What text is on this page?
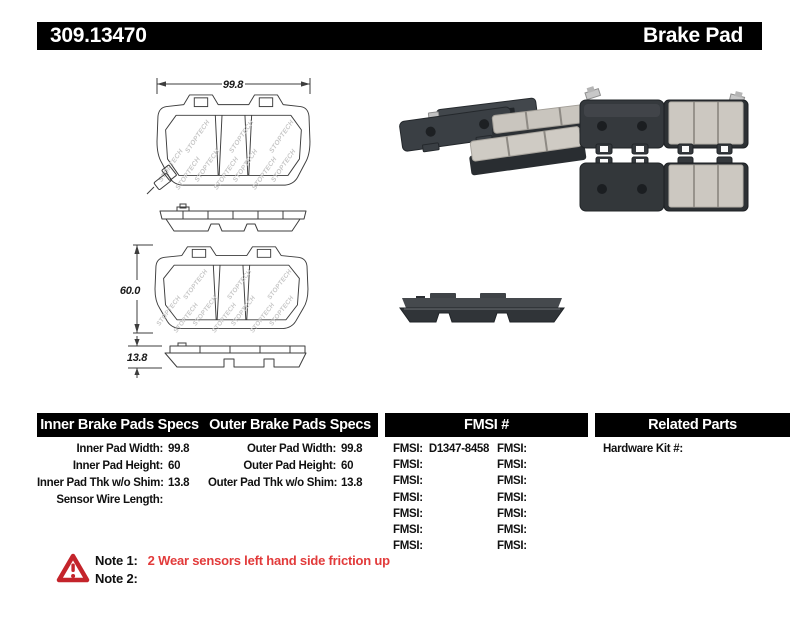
309.13470	Brake Pad
STOPTECH
STOPTECH
STOPTECH
STOPTECH
STOPTECH
STOPTECH
STOPTECH
STOPTECH	STOPTECH	STOPTECH
99.8
60.0
13.8
Inner Brake Pads Specs Outer Brake Pads Specs	FMSI #	Related Parts
Inner Pad Width: 99.8
Inner Pad Height: 60
Inner Pad Thk w/o Shim: 13.8
Sensor Wire Length:
Outer Pad Width: 99.8
Outer Pad Height: 60
Outer Pad Thk w/o Shim: 13.8
FMSI: D1347-8458
FMSI:
FMSI:
FMSI:
FMSI:
FMSI:
FMSI:
FMSI:
FMSI:
FMSI:
FMSI:
FMSI:
FMSI:
FMSI:
Hardware Kit #:
Note 1: 2 Wear sensors left hand side friction up
Note 2:
